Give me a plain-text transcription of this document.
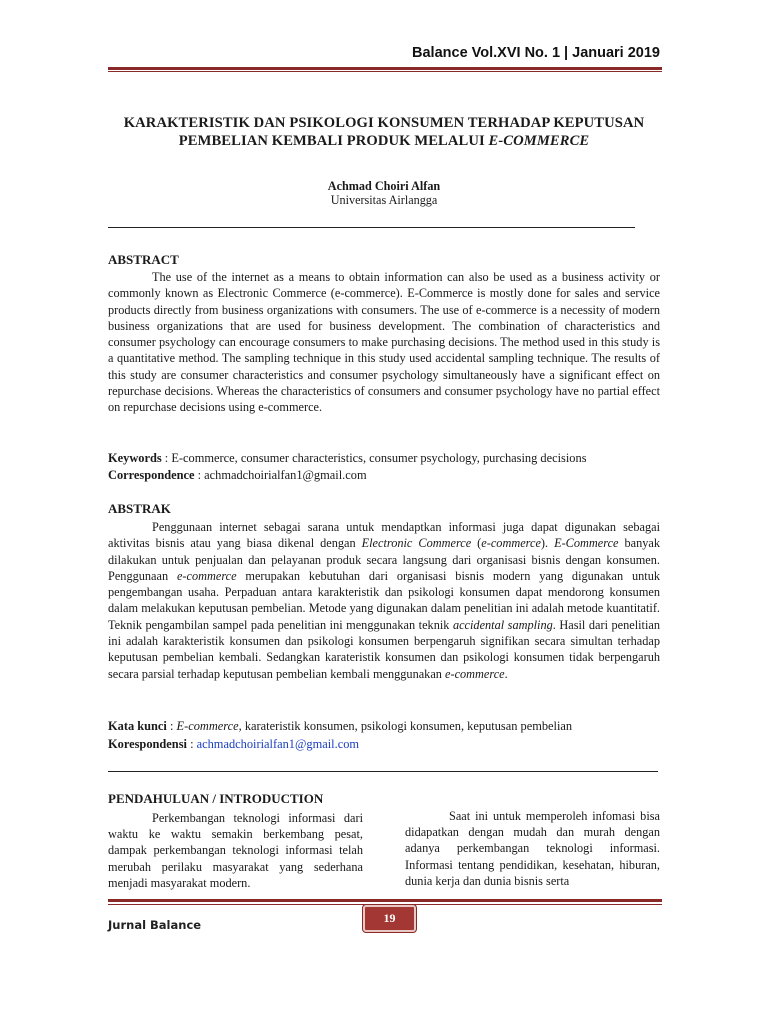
Balance Vol.XVI No. 1 | Januari 2019
KARAKTERISTIK DAN PSIKOLOGI KONSUMEN TERHADAP KEPUTUSAN
PEMBELIAN KEMBALI PRODUK MELALUI E-COMMERCE
Achmad Choiri Alfan
Universitas Airlangga
ABSTRACT
The use of the internet as a means to obtain information can also be used as a business activity or commonly known as Electronic Commerce (e-commerce). E-Commerce is mostly done for sales and service products directly from business organizations with consumers. The use of e-commerce is a necessity of modern business organizations that are used for business development. The combination of characteristics and consumer psychology can encourage consumers to make purchasing decisions. The method used in this study is a quantitative method. The sampling technique in this study used accidental sampling technique. The results of this study are consumer characteristics and consumer psychology simultaneously have a significant effect on repurchase decisions. Whereas the characteristics of consumers and consumer psychology have no partial effect on repurchase decisions using e-commerce.
Keywords : E-commerce, consumer characteristics, consumer psychology, purchasing decisions
Correspondence : achmadchoirialfan1@gmail.com
ABSTRAK
Penggunaan internet sebagai sarana untuk mendaptkan informasi juga dapat digunakan sebagai aktivitas bisnis atau yang biasa dikenal dengan Electronic Commerce (e-commerce). E-Commerce banyak dilakukan untuk penjualan dan pelayanan produk secara langsung dari organisasi bisnis dengan konsumen. Penggunaan e-commerce merupakan kebutuhan dari organisasi bisnis modern yang digunakan untuk pengembangan usaha. Perpaduan antara karakteristik dan psikologi konsumen dapat mendorong konsumen dalam melakukan keputusan pembelian. Metode yang digunakan dalam penelitian ini adalah metode kuantitatif. Teknik pengambilan sampel pada penelitian ini menggunakan teknik accidental sampling. Hasil dari penelitian ini adalah karakteristik konsumen dan psikologi konsumen berpengaruh signifikan secara simultan terhadap keputusan pembelian kembali. Sedangkan karateristik konsumen dan psikologi konsumen tidak berpengaruh secara parsial terhadap keputusan pembelian kembali menggunakan e-commerce.
Kata kunci : E-commerce, karateristik konsumen, psikologi konsumen, keputusan pembelian
Korespondensi : achmadchoirialfan1@gmail.com
PENDAHULUAN / INTRODUCTION
Perkembangan teknologi informasi dari waktu ke waktu semakin berkembang pesat, dampak perkembangan teknologi informasi telah merubah perilaku masyarakat yang sederhana menjadi masyarakat modern.
Saat ini untuk memperoleh infomasi bisa didapatkan dengan mudah dan murah dengan adanya perkembangan teknologi informasi. Informasi tentang pendidikan, kesehatan, hiburan, dunia kerja dan dunia bisnis serta
19
Jurnal Balance
